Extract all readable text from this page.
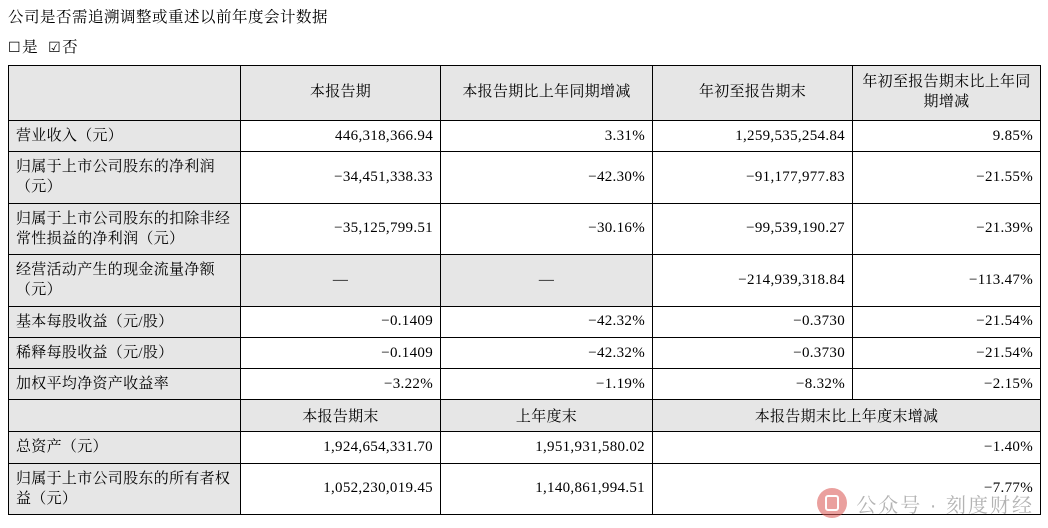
公司是否需追溯调整或重述以前年度会计数据
☐是 ☑否
	本报告期	本报告期比上年同期增减	年初至报告期末	年初至报告期末比上年同期增减
营业收入（元）	446,318,366.94	3.31%	1,259,535,254.84	9.85%
归属于上市公司股东的净利润（元）	−34,451,338.33	−42.30%	−91,177,977.83	−21.55%
归属于上市公司股东的扣除非经常性损益的净利润（元）	−35,125,799.51	−30.16%	−99,539,190.27	−21.39%
经营活动产生的现金流量净额（元）	—	—	−214,939,318.84	−113.47%
基本每股收益（元/股）	−0.1409	−42.32%	−0.3730	−21.54%
稀释每股收益（元/股）	−0.1409	−42.32%	−0.3730	−21.54%
加权平均净资产收益率	−3.22%	−1.19%	−8.32%	−2.15%
	本报告期末	上年度末	本报告期末比上年度末增减	
总资产（元）	1,924,654,331.70	1,951,931,580.02	−1.40%	
归属于上市公司股东的所有者权益（元）	1,052,230,019.45	1,140,861,994.51	−7.77%	
公众号 · 刻度财经
